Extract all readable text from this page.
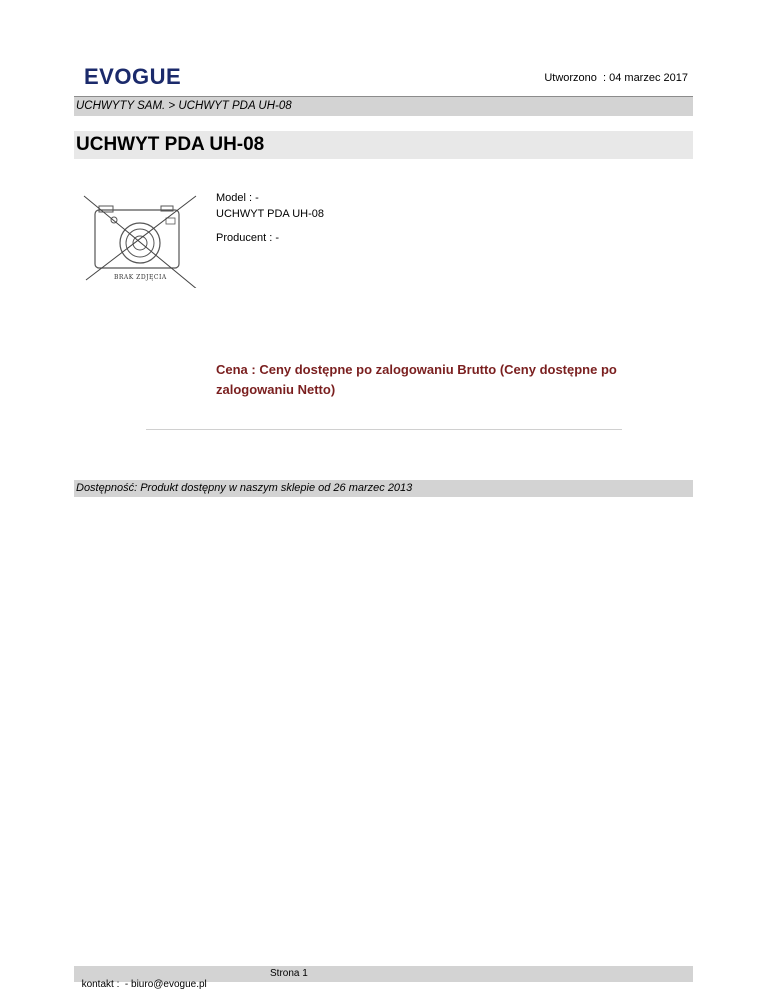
EVOGUE	Utworzono  : 04 marzec 2017
UCHWYTY SAM. > UCHWYT PDA UH-08
UCHWYT PDA UH-08
BRAK ZDJĘCIA
Model : -
UCHWYT PDA UH-08
Producent : -
Cena : Ceny dostępne po zalogowaniu Brutto (Ceny dostępne po zalogowaniu Netto)
Dostępność: Produkt dostępny w naszym sklepie od 26 marzec 2013

kontakt :  - biuro@evogue.pl

Strona 1
